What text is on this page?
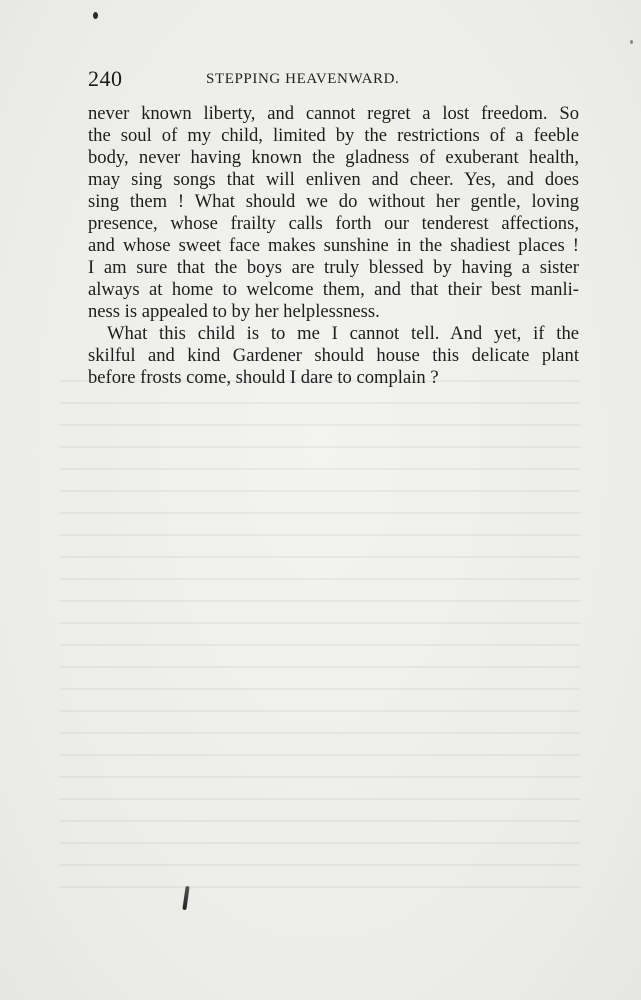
240	STEPPING HEAVENWARD.
never known liberty, and cannot regret a lost freedom. So
the soul of my child, limited by the restrictions of a feeble
body, never having known the gladness of exuberant health,
may sing songs that will enliven and cheer. Yes, and does
sing them ! What should we do without her gentle, loving
presence, whose frailty calls forth our tenderest affections,
and whose sweet face makes sunshine in the shadiest places !
I am sure that the boys are truly blessed by having a sister
always at home to welcome them, and that their best manli-
ness is appealed to by her helplessness.
What this child is to me I cannot tell. And yet, if the
skilful and kind Gardener should house this delicate plant
before frosts come, should I dare to complain ?
